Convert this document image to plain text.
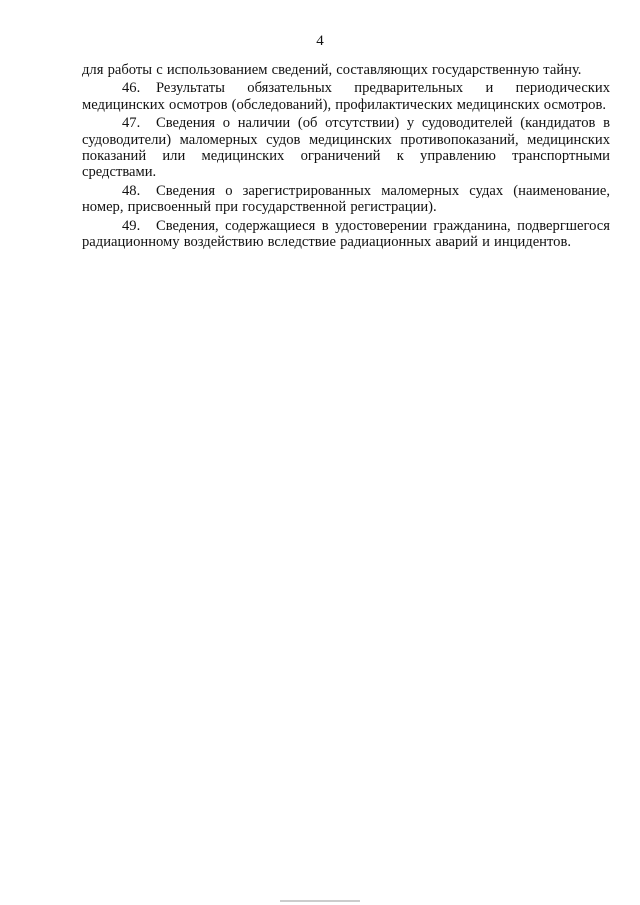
4

для работы с использованием сведений, составляющих государственную тайну.

46. Результаты обязательных предварительных и периодических медицинских осмотров (обследований), профилактических медицинских осмотров.

47. Сведения о наличии (об отсутствии) у судоводителей (кандидатов в судоводители) маломерных судов медицинских противопоказаний, медицинских показаний или медицинских ограничений к управлению транспортными средствами.

48. Сведения о зарегистрированных маломерных судах (наименование, номер, присвоенный при государственной регистрации).

49. Сведения, содержащиеся в удостоверении гражданина, подвергшегося радиационному воздействию вследствие радиационных аварий и инцидентов.
